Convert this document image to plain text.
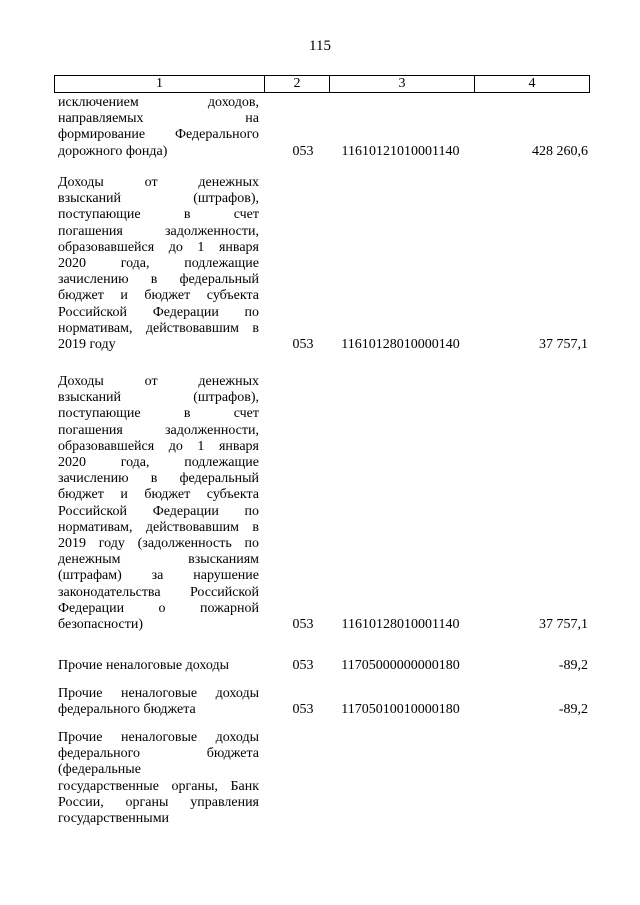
115
1	2	3	4
исключением доходов,
направляемых на
формирование Федерального
дорожного фонда)	053	11610121010001140	428 260,6
Доходы от денежных
взысканий (штрафов),
поступающие в счет
погашения задолженности,
образовавшейся до 1 января
2020 года, подлежащие
зачислению в федеральный
бюджет и бюджет субъекта
Российской Федерации по
нормативам, действовавшим в
2019 году	053	11610128010000140	37 757,1
Доходы от денежных
взысканий (штрафов),
поступающие в счет
погашения задолженности,
образовавшейся до 1 января
2020 года, подлежащие
зачислению в федеральный
бюджет и бюджет субъекта
Российской Федерации по
нормативам, действовавшим в
2019 году (задолженность по
денежным взысканиям
(штрафам) за нарушение
законодательства Российской
Федерации о пожарной
безопасности)	053	11610128010001140	37 757,1
Прочие неналоговые доходы	053	11705000000000180	-89,2
Прочие неналоговые доходы
федерального бюджета	053	11705010010000180	-89,2
Прочие неналоговые доходы
федерального бюджета
(федеральные
государственные органы, Банк
России, органы управления
государственными
